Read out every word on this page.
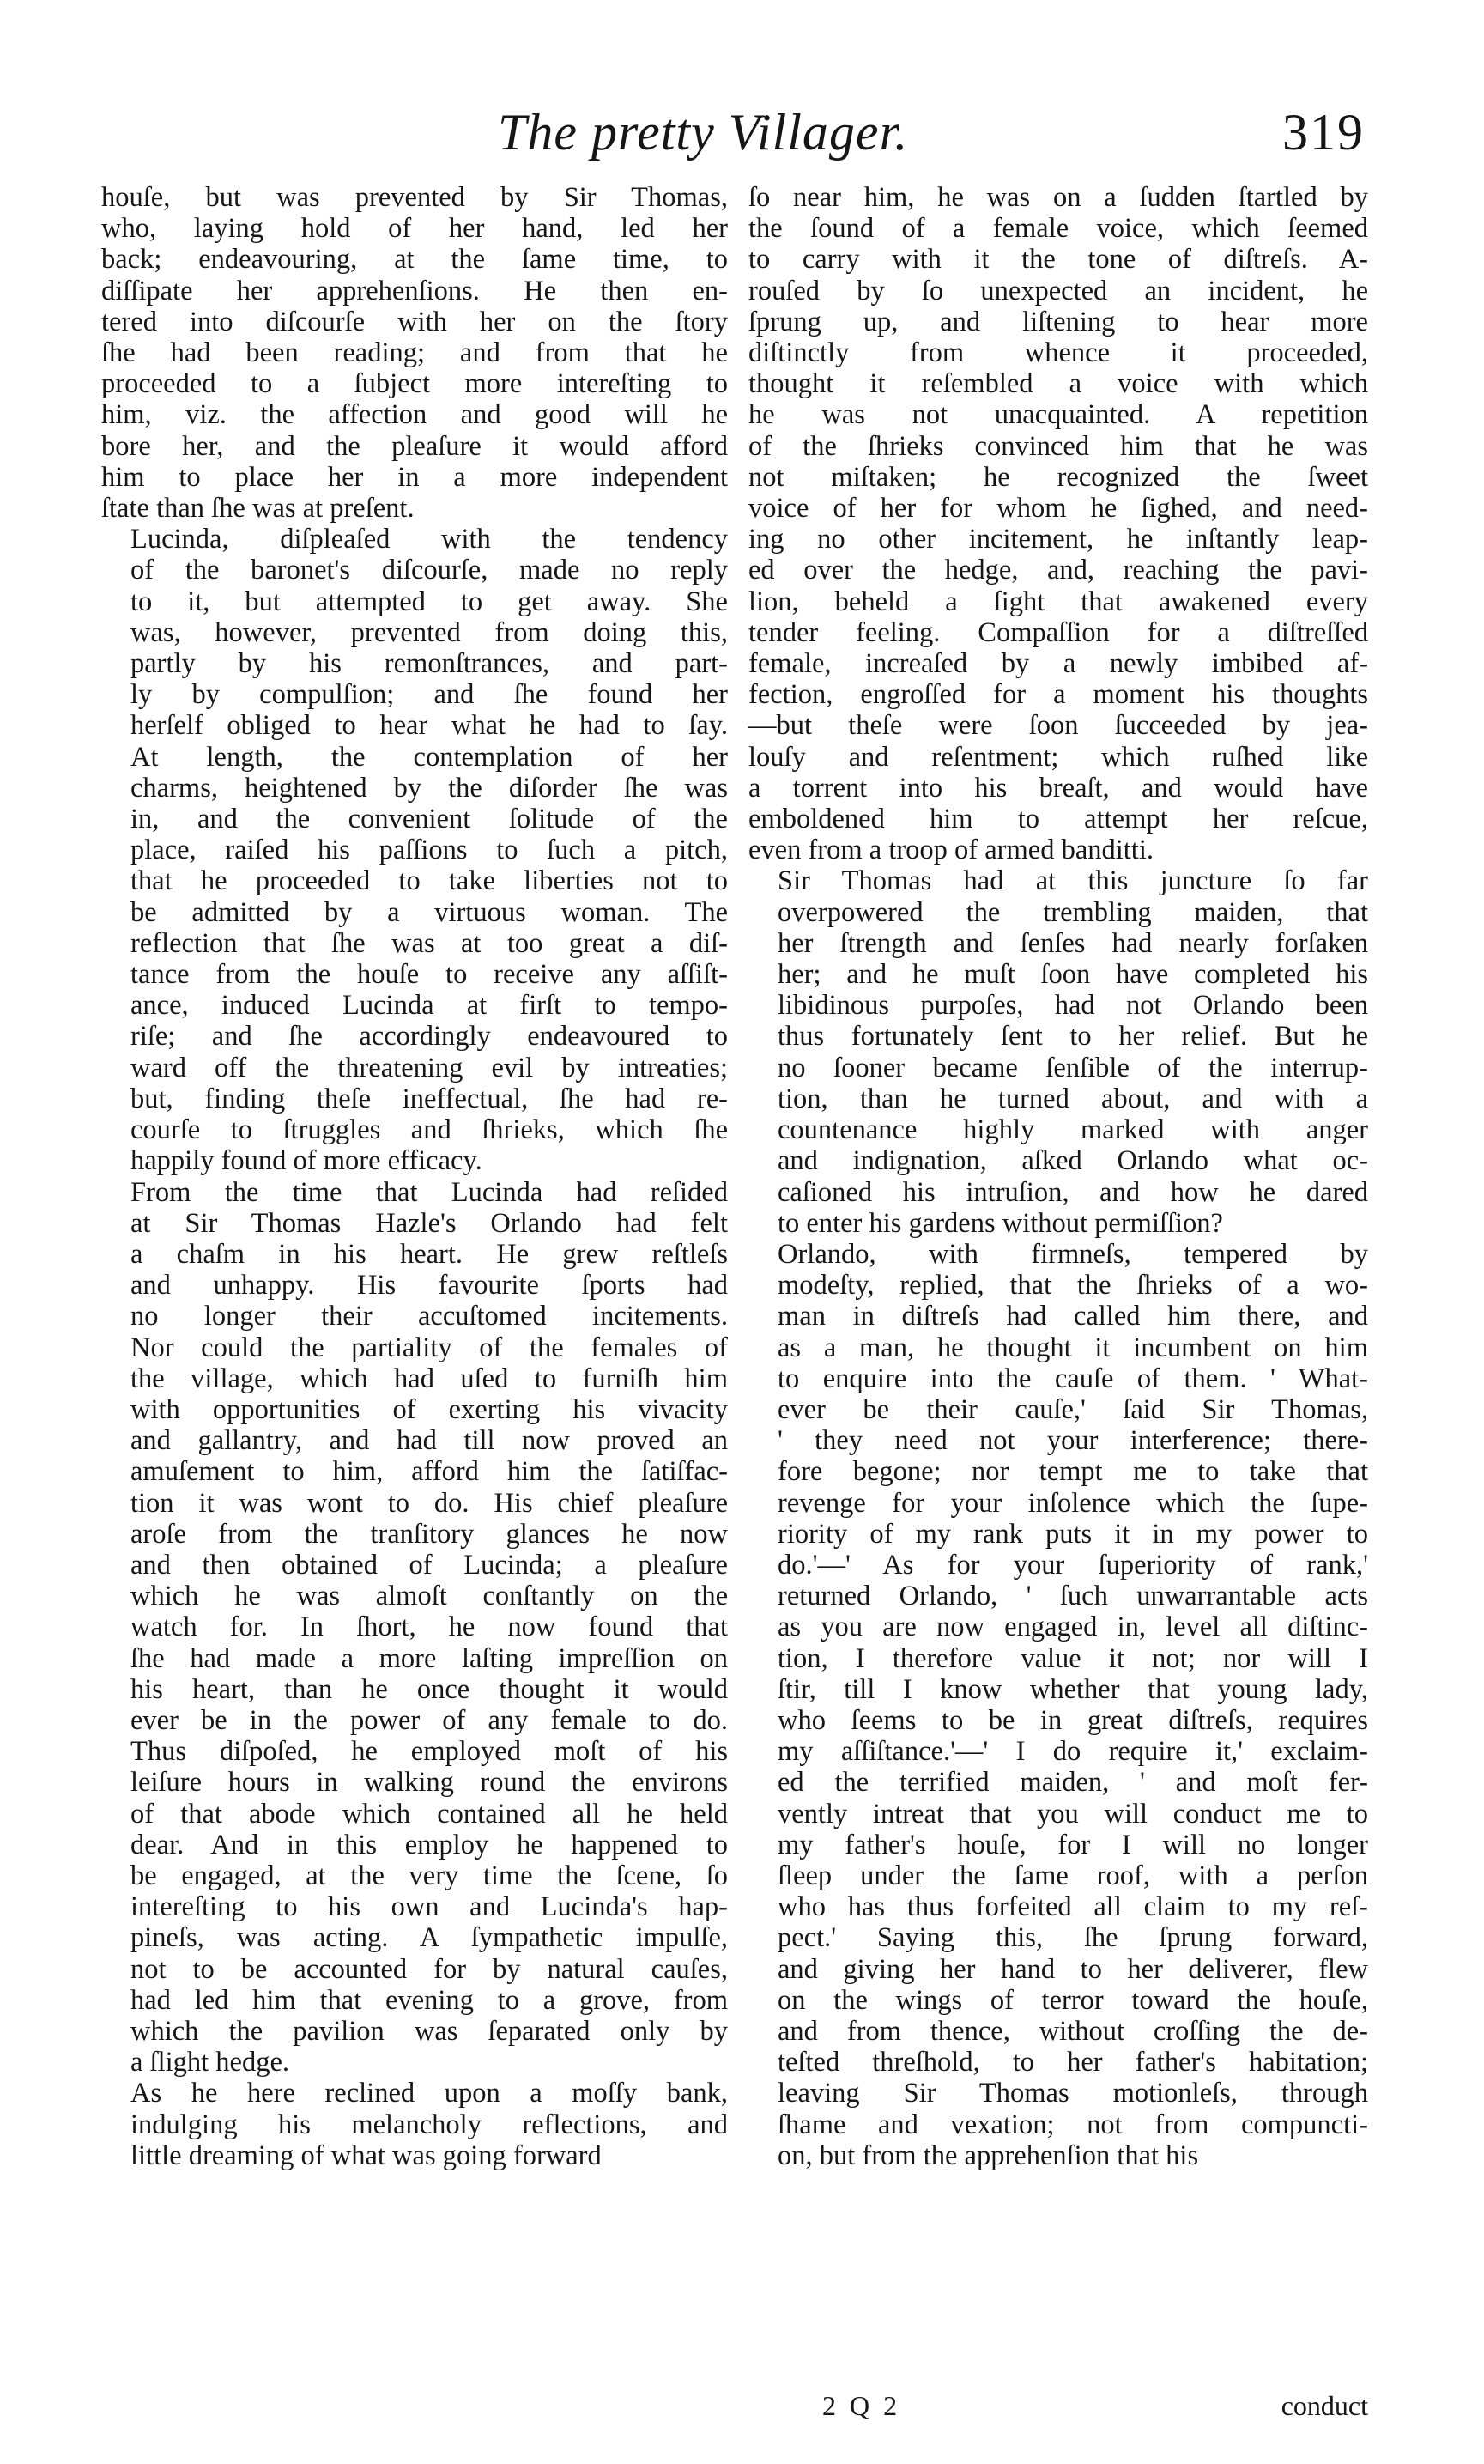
The pretty Villager.	319

houſe, but was prevented by Sir Thomas,
who, laying hold of her hand, led her
back; endeavouring, at the ſame time, to
diſſipate her apprehenſions. He then en-
tered into diſcourſe with her on the ſtory
ſhe had been reading; and from that he
proceeded to a ſubject more intereſting to
him, viz. the affection and good will he
bore her, and the pleaſure it would afford
him to place her in a more independent
ſtate than ſhe was at preſent.

Lucinda, diſpleaſed with the tendency
of the baronet's diſcourſe, made no reply
to it, but attempted to get away. She
was, however, prevented from doing this,
partly by his remonſtrances, and part-
ly by compulſion; and ſhe found her
herſelf obliged to hear what he had to ſay.
At length, the contemplation of her
charms, heightened by the diſorder ſhe was
in, and the convenient ſolitude of the
place, raiſed his paſſions to ſuch a pitch,
that he proceeded to take liberties not to
be admitted by a virtuous woman. The
reflection that ſhe was at too great a diſ-
tance from the houſe to receive any aſſiſt-
ance, induced Lucinda at firſt to tempo-
riſe; and ſhe accordingly endeavoured to
ward off the threatening evil by intreaties;
but, finding theſe ineffectual, ſhe had re-
courſe to ſtruggles and ſhrieks, which ſhe
happily found of more efficacy.

From the time that Lucinda had reſided
at Sir Thomas Hazle's Orlando had felt
a chaſm in his heart. He grew reſtleſs
and unhappy. His favourite ſports had
no longer their accuſtomed incitements.
Nor could the partiality of the females of
the village, which had uſed to furniſh him
with opportunities of exerting his vivacity
and gallantry, and had till now proved an
amuſement to him, afford him the ſatiſfac-
tion it was wont to do. His chief pleaſure
aroſe from the tranſitory glances he now
and then obtained of Lucinda; a pleaſure
which he was almoſt conſtantly on the
watch for. In ſhort, he now found that
ſhe had made a more laſting impreſſion on
his heart, than he once thought it would
ever be in the power of any female to do.
Thus diſpoſed, he employed moſt of his
leiſure hours in walking round the environs
of that abode which contained all he held
dear. And in this employ he happened to
be engaged, at the very time the ſcene, ſo
intereſting to his own and Lucinda's hap-
pineſs, was acting. A ſympathetic impulſe,
not to be accounted for by natural cauſes,
had led him that evening to a grove, from
which the pavilion was ſeparated only by
a ſlight hedge.

As he here reclined upon a moſſy bank,
indulging his melancholy reflections, and
little dreaming of what was going forward

ſo near him, he was on a ſudden ſtartled by
the ſound of a female voice, which ſeemed
to carry with it the tone of diſtreſs. A-
rouſed by ſo unexpected an incident, he
ſprung up, and liſtening to hear more
diſtinctly from whence it proceeded,
thought it reſembled a voice with which
he was not unacquainted. A repetition
of the ſhrieks convinced him that he was
not miſtaken; he recognized the ſweet
voice of her for whom he ſighed, and need-
ing no other incitement, he inſtantly leap-
ed over the hedge, and, reaching the pavi-
lion, beheld a ſight that awakened every
tender feeling. Compaſſion for a diſtreſſed
female, increaſed by a newly imbibed af-
fection, engroſſed for a moment his thoughts
—but theſe were ſoon ſucceeded by jea-
louſy and reſentment; which ruſhed like
a torrent into his breaſt, and would have
emboldened him to attempt her reſcue,
even from a troop of armed banditti.

Sir Thomas had at this juncture ſo far
overpowered the trembling maiden, that
her ſtrength and ſenſes had nearly forſaken
her; and he muſt ſoon have completed his
libidinous purpoſes, had not Orlando been
thus fortunately ſent to her relief. But he
no ſooner became ſenſible of the interrup-
tion, than he turned about, and with a
countenance highly marked with anger
and indignation, aſked Orlando what oc-
caſioned his intruſion, and how he dared
to enter his gardens without permiſſion?

Orlando, with firmneſs, tempered by
modeſty, replied, that the ſhrieks of a wo-
man in diſtreſs had called him there, and
as a man, he thought it incumbent on him
to enquire into the cauſe of them. ' What-
ever be their cauſe,' ſaid Sir Thomas,
' they need not your interference; there-
fore begone; nor tempt me to take that
revenge for your inſolence which the ſupe-
riority of my rank puts it in my power to
do.'—' As for your ſuperiority of rank,'
returned Orlando, ' ſuch unwarrantable acts
as you are now engaged in, level all diſtinc-
tion, I therefore value it not; nor will I
ſtir, till I know whether that young lady,
who ſeems to be in great diſtreſs, requires
my aſſiſtance.'—' I do require it,' exclaim-
ed the terrified maiden, ' and moſt fer-
vently intreat that you will conduct me to
my father's houſe, for I will no longer
ſleep under the ſame roof, with a perſon
who has thus forfeited all claim to my reſ-
pect.' Saying this, ſhe ſprung forward,
and giving her hand to her deliverer, flew
on the wings of terror toward the houſe,
and from thence, without croſſing the de-
teſted threſhold, to her father's habitation;
leaving Sir Thomas motionleſs, through
ſhame and vexation; not from compuncti-
on, but from the apprehenſion that his

2 Q 2	conduct
